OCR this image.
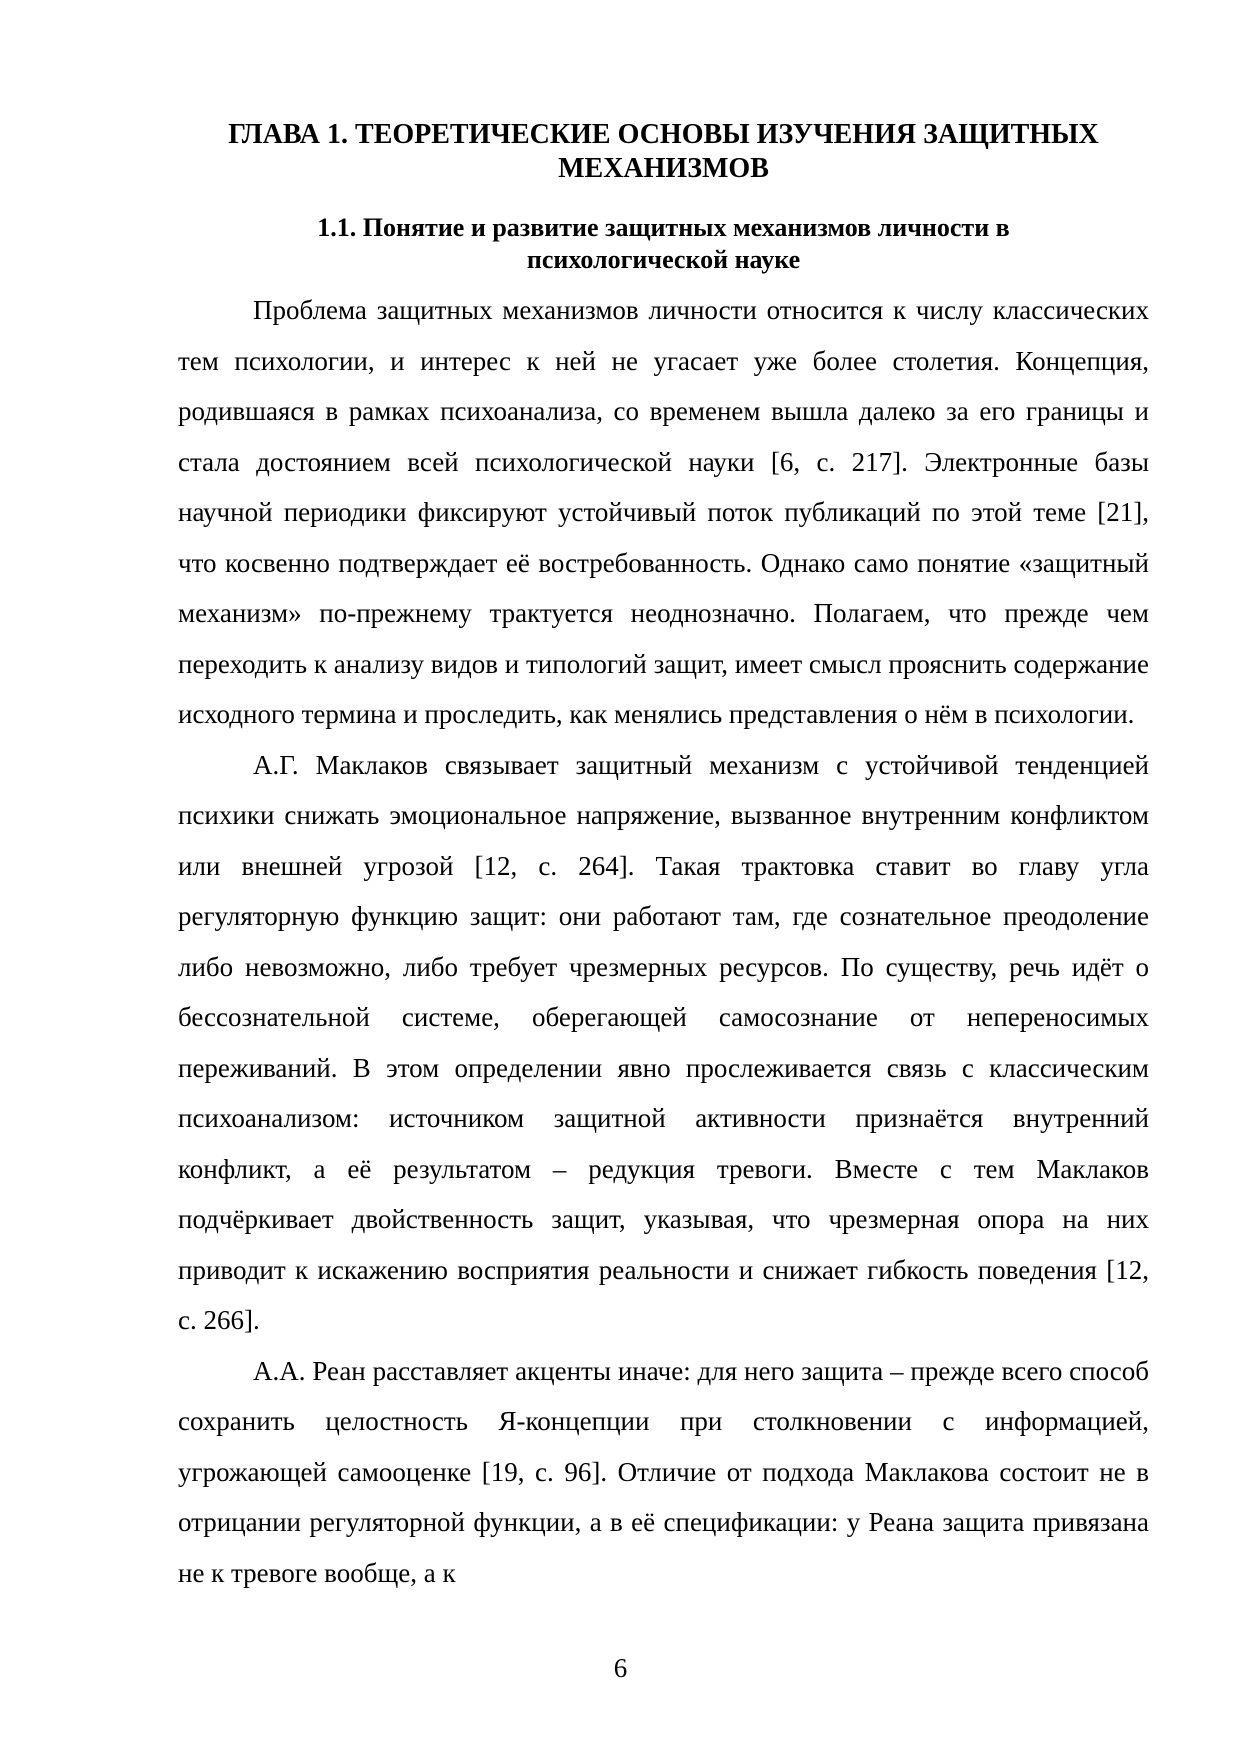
ГЛАВА 1. ТЕОРЕТИЧЕСКИЕ ОСНОВЫ ИЗУЧЕНИЯ ЗАЩИТНЫХ
МЕХАНИЗМОВ
1.1. Понятие и развитие защитных механизмов личности в
психологической науке

Проблема защитных механизмов личности относится к числу классических тем психологии, и интерес к ней не угасает уже более столетия. Концепция, родившаяся в рамках психоанализа, со временем вышла далеко за его границы и стала достоянием всей психологической науки [6, с. 217]. Электронные базы научной периодики фиксируют устойчивый поток публикаций по этой теме [21], что косвенно подтверждает её востребованность. Однако само понятие «защитный механизм» по-прежнему трактуется неоднозначно. Полагаем, что прежде чем переходить к анализу видов и типологий защит, имеет смысл прояснить содержание исходного термина и проследить, как менялись представления о нём в психологии.

А.Г. Маклаков связывает защитный механизм с устойчивой тенденцией психики снижать эмоциональное напряжение, вызванное внутренним конфликтом или внешней угрозой [12, с. 264]. Такая трактовка ставит во главу угла регуляторную функцию защит: они работают там, где сознательное преодоление либо невозможно, либо требует чрезмерных ресурсов. По существу, речь идёт о бессознательной системе, оберегающей самосознание от непереносимых переживаний. В этом определении явно прослеживается связь с классическим психоанализом: источником защитной активности признаётся внутренний конфликт, а её результатом – редукция тревоги. Вместе с тем Маклаков подчёркивает двойственность защит, указывая, что чрезмерная опора на них приводит к искажению восприятия реальности и снижает гибкость поведения [12, с. 266].

А.А. Реан расставляет акценты иначе: для него защита – прежде всего способ сохранить целостность Я-концепции при столкновении с информацией, угрожающей самооценке [19, с. 96]. Отличие от подхода Маклакова состоит не в отрицании регуляторной функции, а в её спецификации: у Реана защита привязана не к тревоге вообще, а к

6
